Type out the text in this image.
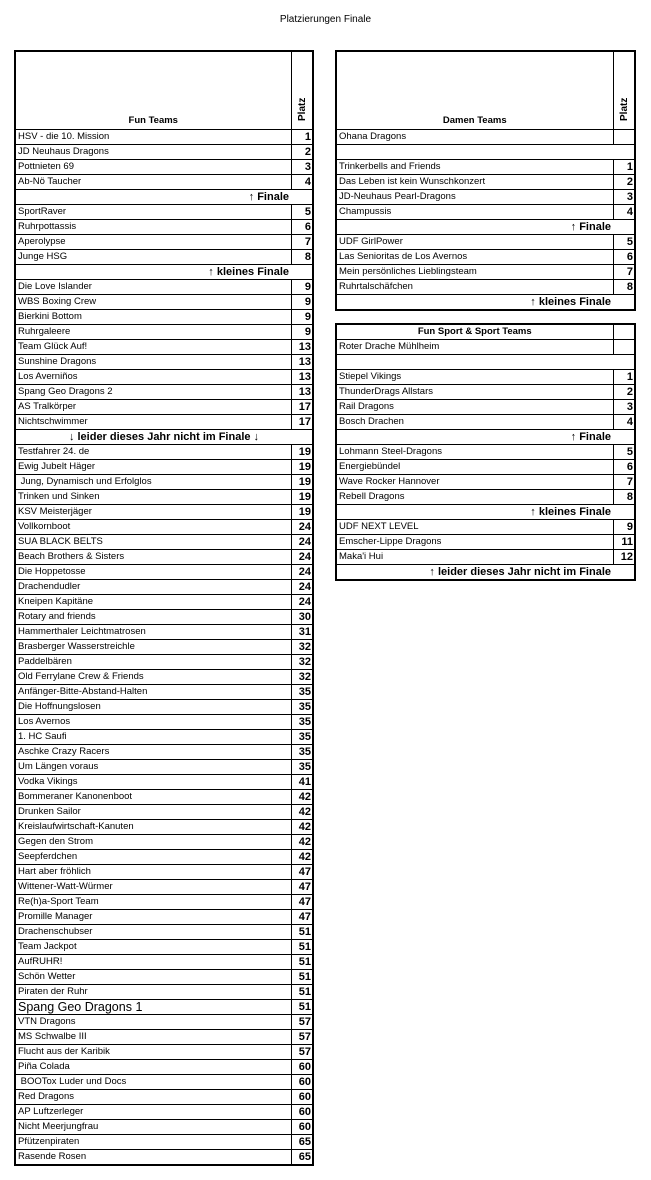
Platzierungen Finale
Fun Teams	Platz

HSV - die 10. Mission	1
JD Neuhaus Dragons	2
Pottnieten 69	3
Ab-Nö Taucher	4
↑ Finale	
SportRaver	5
Ruhrpottassis	6
Aperolypse	7
Junge HSG	8
↑ kleines Finale	
Die Love Islander	9
WBS Boxing Crew	9
Bierkini Bottom	9
Ruhrgaleere	9
Team Glück Auf!	13
Sunshine Dragons	13
Los Averniños	13
Spang Geo Dragons 2	13
AS Tralkörper	17
Nichtschwimmer	17
↓ leider dieses Jahr nicht im Finale ↓	
Testfahrer 24. de	19
Ewig Jubelt Häger	19
Jung, Dynamisch und Erfolglos	19
Trinken und Sinken	19
KSV Meisterjäger	19
Vollkornboot	24
SUA BLACK BELTS	24
Beach Brothers & Sisters	24
Die Hoppetosse	24
Drachendudler	24
Kneipen Kapitäne	24
Rotary and friends	30
Hammerthaler Leichtmatrosen	31
Brasberger Wasserstreichle	32
Paddelbären	32
Old Ferrylane Crew & Friends	32
Anfänger-Bitte-Abstand-Halten	35
Die Hoffnungslosen	35
Los Avernos	35
1. HC Saufi	35
Aschke Crazy Racers	35
Um Längen voraus	35
Vodka Vikings	41
Bommeraner Kanonenboot	42
Drunken Sailor	42
Kreislaufwirtschaft-Kanuten	42
Gegen den Strom	42
Seepferdchen	42
Hart aber fröhlich	47
Wittener-Watt-Würmer	47
Re(h)a-Sport Team	47
Promille Manager	47
Drachenschubser	51
Team Jackpot	51
AufRUHR!	51
Schön Wetter	51
Piraten der Ruhr	51
Spang Geo Dragons 1	51
VTN Dragons	57
MS Schwalbe III	57
Flucht aus der Karibik	57
Piña Colada	60
BOOTox Luder und Docs	60
Red Dragons	60
AP Luftzerleger	60
Nicht Meerjungfrau	60
Pfützenpiraten	65
Rasende Rosen	65
Damen Teams	Platz

Ohana Dragons	

Trinkerbells and Friends	1
Das Leben ist kein Wunschkonzert	2
JD-Neuhaus Pearl-Dragons	3
Champussis	4
↑ Finale	
UDF GirlPower	5
Las Senioritas de Los Avernos	6
Mein persönliches Lieblingsteam	7
Ruhrtalschäfchen	8
↑ kleines Finale	
Fun Sport & Sport Teams	
Roter Drache Mühlheim	

Stiepel Vikings	1
ThunderDrags Allstars	2
Rail Dragons	3
Bosch Drachen	4
↑ Finale	
Lohmann Steel-Dragons	5
Energiebündel	6
Wave Rocker Hannover	7
Rebell Dragons	8
↑ kleines Finale	
UDF NEXT LEVEL	9
Emscher-Lippe Dragons	11
Maka'i Hui	12
↑ leider dieses Jahr nicht im Finale	
